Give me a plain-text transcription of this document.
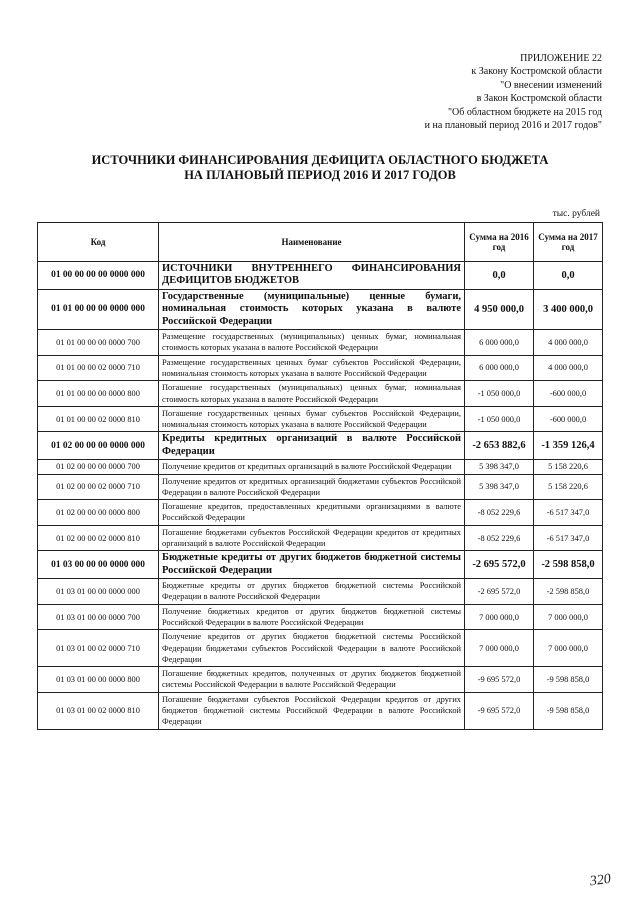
ПРИЛОЖЕНИЕ 22
к Закону Костромской области
"О внесении изменений
в Закон Костромской области
"Об областном бюджете на 2015 год
и на плановый период 2016 и 2017 годов"
ИСТОЧНИКИ ФИНАНСИРОВАНИЯ ДЕФИЦИТА ОБЛАСТНОГО БЮДЖЕТА
НА ПЛАНОВЫЙ ПЕРИОД 2016 И 2017 ГОДОВ
тыс. рублей
Код	Наименование	Сумма на 2016 год	Сумма на 2017 год
01 00 00 00 00 0000 000	ИСТОЧНИКИ ВНУТРЕННЕГО ФИНАНСИРОВАНИЯ ДЕФИЦИТОВ БЮДЖЕТОВ	0,0	0,0
01 01 00 00 00 0000 000	Государственные (муниципальные) ценные бумаги, номинальная стоимость которых указана в валюте Российской Федерации	4 950 000,0	3 400 000,0
01 01 00 00 00 0000 700	Размещение государственных (муниципальных) ценных бумаг, номинальная стоимость которых указана в валюте Российской Федерации	6 000 000,0	4 000 000,0
01 01 00 00 02 0000 710	Размещение государственных ценных бумаг субъектов Российской Федерации, номинальная стоимость которых указана в валюте Российской Федерации	6 000 000,0	4 000 000,0
01 01 00 00 00 0000 800	Погашение государственных (муниципальных) ценных бумаг, номинальная стоимость которых указана в валюте Российской Федерации	-1 050 000,0	-600 000,0
01 01 00 00 02 0000 810	Погашение государственных ценных бумаг субъектов Российской Федерации, номинальная стоимость которых указана в валюте Российской Федерации	-1 050 000,0	-600 000,0
01 02 00 00 00 0000 000	Кредиты кредитных организаций в валюте Российской Федерации	-2 653 882,6	-1 359 126,4
01 02 00 00 00 0000 700	Получение кредитов от кредитных организаций в валюте Российской Федерации	5 398 347,0	5 158 220,6
01 02 00 00 02 0000 710	Получение кредитов от кредитных организаций бюджетами субъектов Российской Федерации в валюте Российской Федерации	5 398 347,0	5 158 220,6
01 02 00 00 00 0000 800	Погашение кредитов, предоставленных кредитными организациями в валюте Российской Федерации	-8 052 229,6	-6 517 347,0
01 02 00 00 02 0000 810	Погашение бюджетами субъектов Российской Федерации кредитов от кредитных организаций в валюте Российской Федерации	-8 052 229,6	-6 517 347,0
01 03 00 00 00 0000 000	Бюджетные кредиты от других бюджетов бюджетной системы Российской Федерации	-2 695 572,0	-2 598 858,0
01 03 01 00 00 0000 000	Бюджетные кредиты от других бюджетов бюджетной системы Российской Федерации в валюте Российской Федерации	-2 695 572,0	-2 598 858,0
01 03 01 00 00 0000 700	Получение бюджетных кредитов от других бюджетов бюджетной системы Российской Федерации в валюте Российской Федерации	7 000 000,0	7 000 000,0
01 03 01 00 02 0000 710	Получение кредитов от других бюджетов бюджетной системы Российской Федерации бюджетами субъектов Российской Федерации в валюте Российской Федерации	7 000 000,0	7 000 000,0
01 03 01 00 00 0000 800	Погашение бюджетных кредитов, полученных от других бюджетов бюджетной системы Российской Федерации в валюте Российской Федерации	-9 695 572,0	-9 598 858,0
01 03 01 00 02 0000 810	Погашение бюджетами субъектов Российской Федерации кредитов от других бюджетов бюджетной системы Российской Федерации в валюте Российской Федерации	-9 695 572,0	-9 598 858,0
320
